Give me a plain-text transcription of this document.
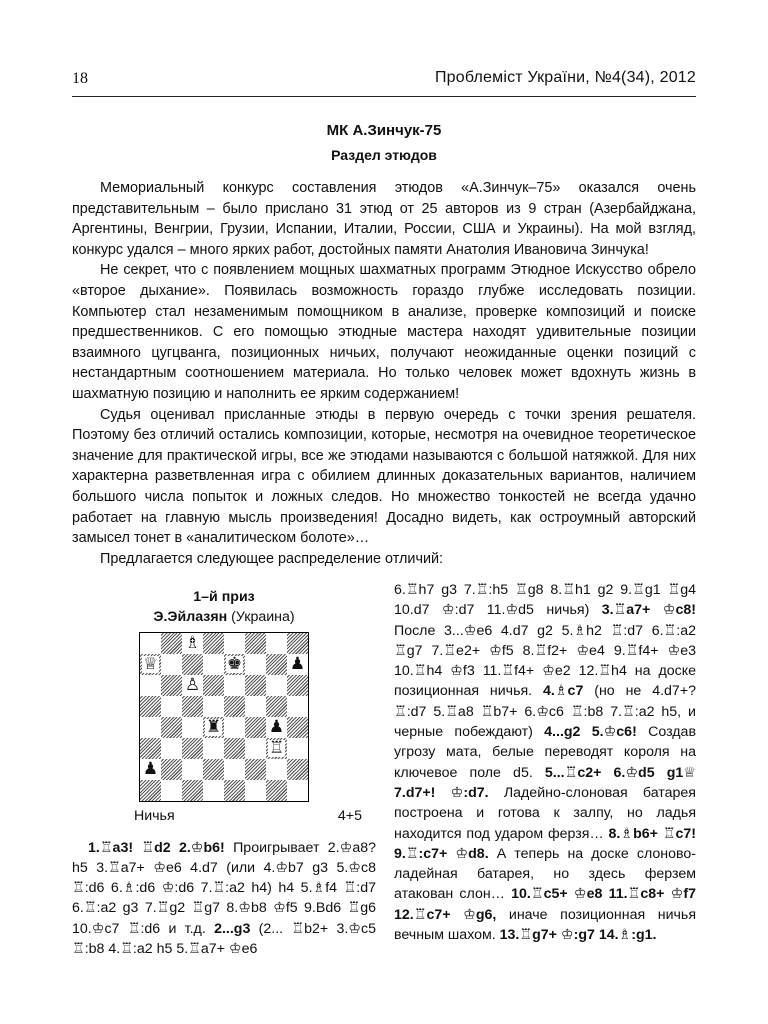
18	Проблеміст України, №4(34), 2012
МК А.Зинчук-75
Раздел этюдов

Мемориальный конкурс составления этюдов «А.Зинчук–75» оказался очень представительным – было прислано 31 этюд от 25 авторов из 9 стран (Азербайджана, Аргентины, Венгрии, Грузии, Испании, Италии, России, США и Украины). На мой взгляд, конкурс удался – много ярких работ, достойных памяти Анатолия Ивановича Зинчука!

Не секрет, что с появлением мощных шахматных программ Этюдное Искусство обрело «второе дыхание». Появилась возможность гораздо глубже исследовать позиции. Компьютер стал незаменимым помощником в анализе, проверке композиций и поиске предшественников. С его помощью этюдные мастера находят удивительные позиции взаимного цугцванга, позиционных ничьих, получают неожиданные оценки позиций с нестандартным соотношением материала. Но только человек может вдохнуть жизнь в шахматную позицию и наполнить ее ярким содержанием!

Судья оценивал присланные этюды в первую очередь с точки зрения решателя. Поэтому без отличий остались композиции, которые, несмотря на очевидное теоретическое значение для практической игры, все же этюдами называются с большой натяжкой. Для них характерна разветвленная игра с обилием длинных доказательных вариантов, наличием большого числа попыток и ложных следов. Но множество тонкостей не всегда удачно работает на главную мысль произведения! Досадно видеть, как остроумный авторский замысел тонет в «аналитическом болоте»…

Предлагается следующее распределение отличий:

1–й приз

Э.Эйлазян (Украина)

♗
♕	♚	♟
♙
♜	♟
♖
♟
Ничья	4+5

1.♖a3! ♖d2 2.♔b6! Проигрывает 2.♔a8? h5 3.♖a7+ ♔e6 4.d7 (или 4.♔b7 g3 5.♔c8 ♖:d6 6.♗:d6 ♔:d6 7.♖:a2 h4) h4 5.♗f4 ♖:d7 6.♖:a2 g3 7.♖g2 ♖g7 8.♔b8 ♔f5 9.Bd6 ♖g6 10.♔c7 ♖:d6 и т.д. 2...g3 (2... ♖b2+ 3.♔c5 ♖:b8 4.♖:a2 h5 5.♖a7+ ♔e6

6.♖h7 g3 7.♖:h5 ♖g8 8.♖h1 g2 9.♖g1 ♖g4 10.d7 ♔:d7 11.♔d5 ничья) 3.♖a7+ ♔c8! После 3...♔e6 4.d7 g2 5.♗h2 ♖:d7 6.♖:a2 ♖g7 7.♖e2+ ♔f5 8.♖f2+ ♔e4 9.♖f4+ ♔e3 10.♖h4 ♔f3 11.♖f4+ ♔e2 12.♖h4 на доске позиционная ничья. 4.♗c7 (но не 4.d7+? ♖:d7 5.♖a8 ♖b7+ 6.♔c6 ♖:b8 7.♖:a2 h5, и черные побеждают) 4...g2 5.♔c6! Создав угрозу мата, белые переводят короля на ключевое поле d5. 5...♖c2+ 6.♔d5 g1♕ 7.d7+! ♔:d7. Ладейно-слоновая батарея построена и готова к залпу, но ладья находится под ударом ферзя… 8.♗b6+ ♖c7! 9.♖:c7+ ♔d8. А теперь на доске слоново-ладейная батарея, но здесь ферзем атакован слон… 10.♖c5+ ♔e8 11.♖c8+ ♔f7 12.♖c7+ ♔g6, иначе позиционная ничья вечным шахом. 13.♖g7+ ♔:g7 14.♗:g1.
